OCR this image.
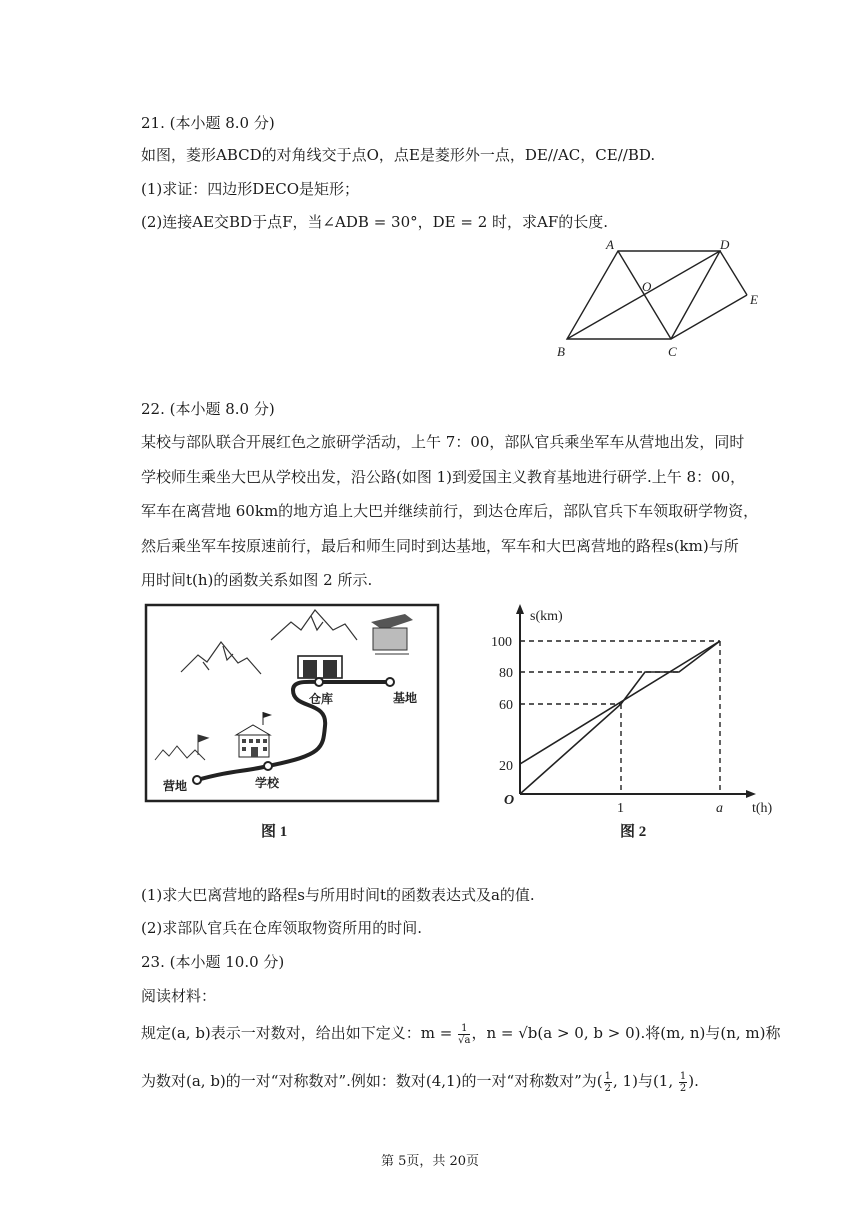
21. (本小题 8.0 分)
如图，菱形ABCD的对角线交于点O，点E是菱形外一点，DE//AC，CE//BD.
(1)求证：四边形DECO是矩形；
(2)连接AE交BD于点F，当∠ADB = 30°，DE = 2 时，求AF的长度.
A	D
O
E
B	C
22. (本小题 8.0 分)
某校与部队联合开展红色之旅研学活动，上午 7：00，部队官兵乘坐军车从营地出发，同时
学校师生乘坐大巴从学校出发，沿公路(如图 1)到爱国主义教育基地进行研学.上午 8：00，
军车在离营地 60km的地方追上大巴并继续前行，到达仓库后，部队官兵下车领取研学物资，
然后乘坐军车按原速前行，最后和师生同时到达基地，军车和大巴离营地的路程s(km)与所
用时间t(h)的函数关系如图 2 所示.
营地	学校
仓库	基地
图 1
s(km)
t(h)
O
100
80
60
20
1	a
图 2
(1)求大巴离营地的路程s与所用时间t的函数表达式及a的值.
(2)求部队官兵在仓库领取物资所用的时间.
23. (本小题 10.0 分)
阅读材料：
规定(a, b)表示一对数对，给出如下定义：$m = \frac{1}{√a}$ ，n = √b(a > 0, b > 0).将(m, n)与(n, m)称
为数对(a, b)的一对“对称数对”.例如：数对(4,1)的一对“对称数对”为( $\frac{1}{2}$ , 1)与(1, $\frac{1}{2}$ ).
第 5页，共 20页
